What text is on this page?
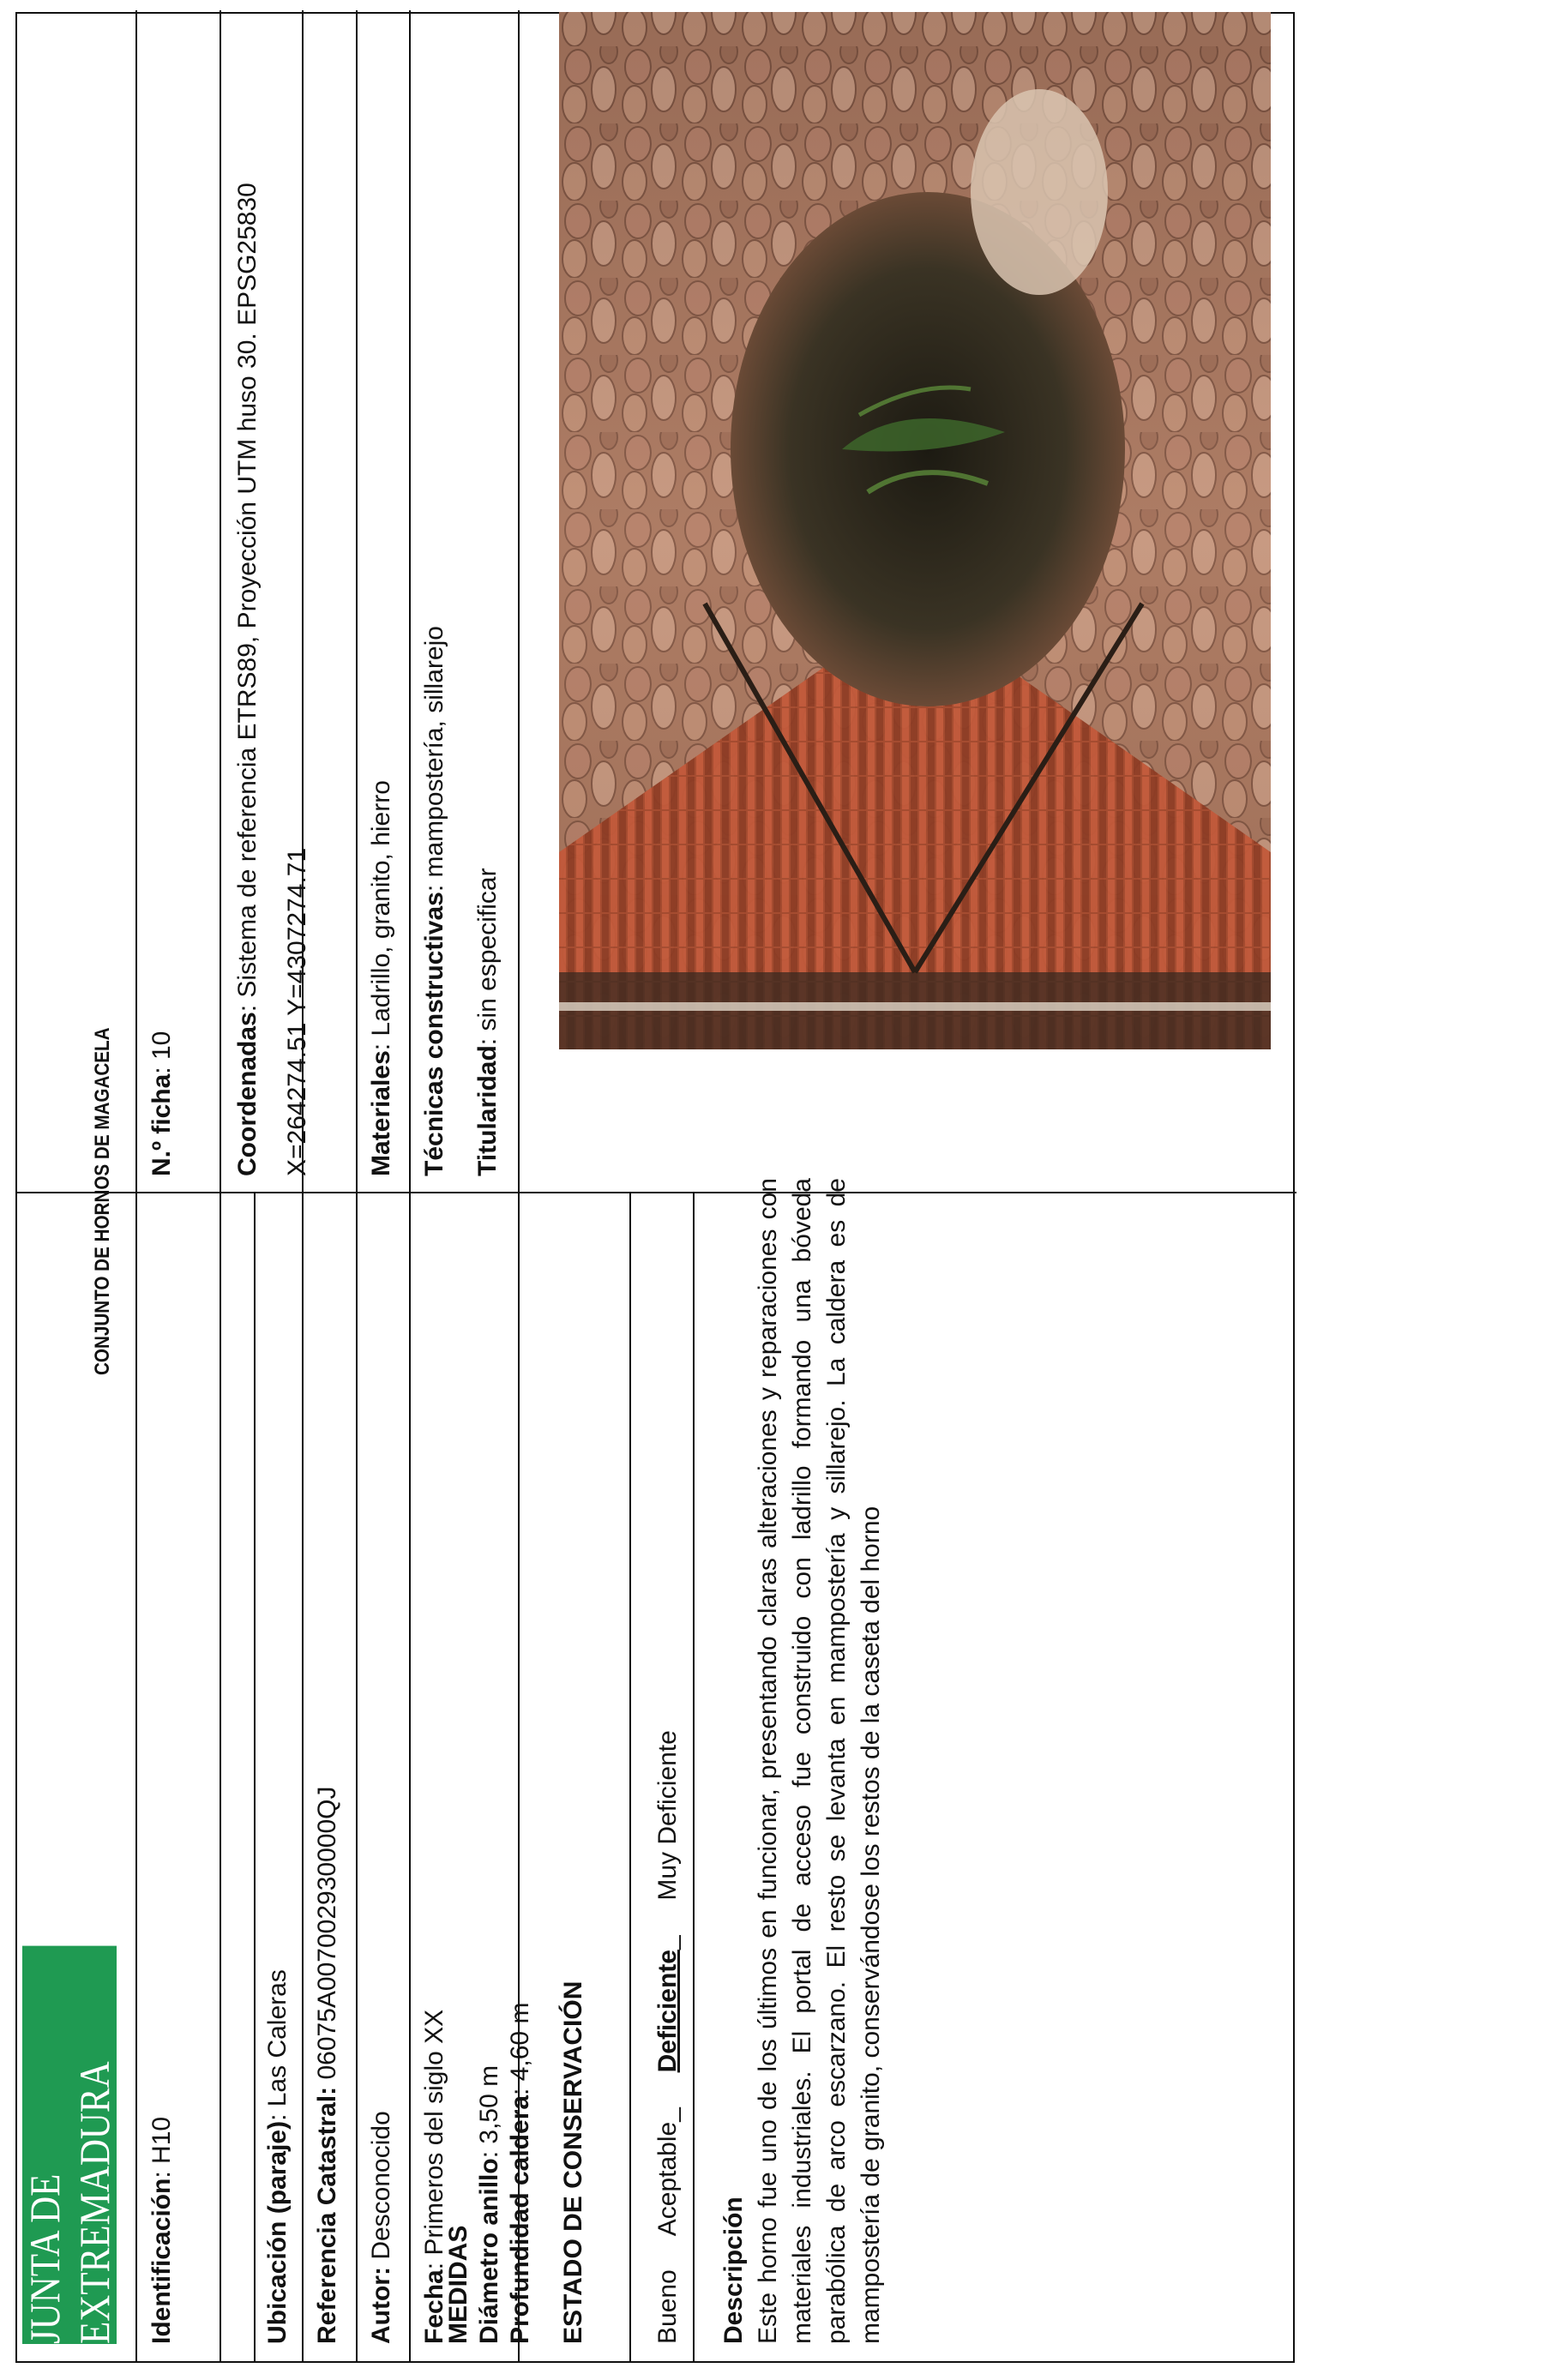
JUNTA DE EXTREMADURA
CONJUNTO DE HORNOS DE MAGACELA
Identificación: H10	Ubicación (paraje): Las Caleras
Referencia Catastral: 06075A007002930000QJ
Autor: Desconocido
Fecha: Primeros del siglo XX
MEDIDAS Diámetro anillo: 3,50 m Profundidad caldera: 4,60 m ESTADO DE CONSERVACIÓN	Bueno  Aceptable_  Deficiente_  Muy Deficiente
Descripción Este horno fue uno de los últimos en funcionar, presentando claras alteraciones y reparaciones con materiales industriales. El portal de acceso fue construido con ladrillo formando una bóveda parabólica de arco escarzano. El resto se levanta en mampostería y sillarejo. La caldera es de mampostería de granito, conservándose los restos de la caseta del horno
N.º ficha: 10 Coordenadas: Sistema de referencia ETRS89, Proyección UTM huso 30. EPSG25830
X=264274.51 Y=4307274.71 Materiales: Ladrillo, granito, hierro Técnicas constructivas: mampostería, sillarejo
Titularidad: sin especificar
